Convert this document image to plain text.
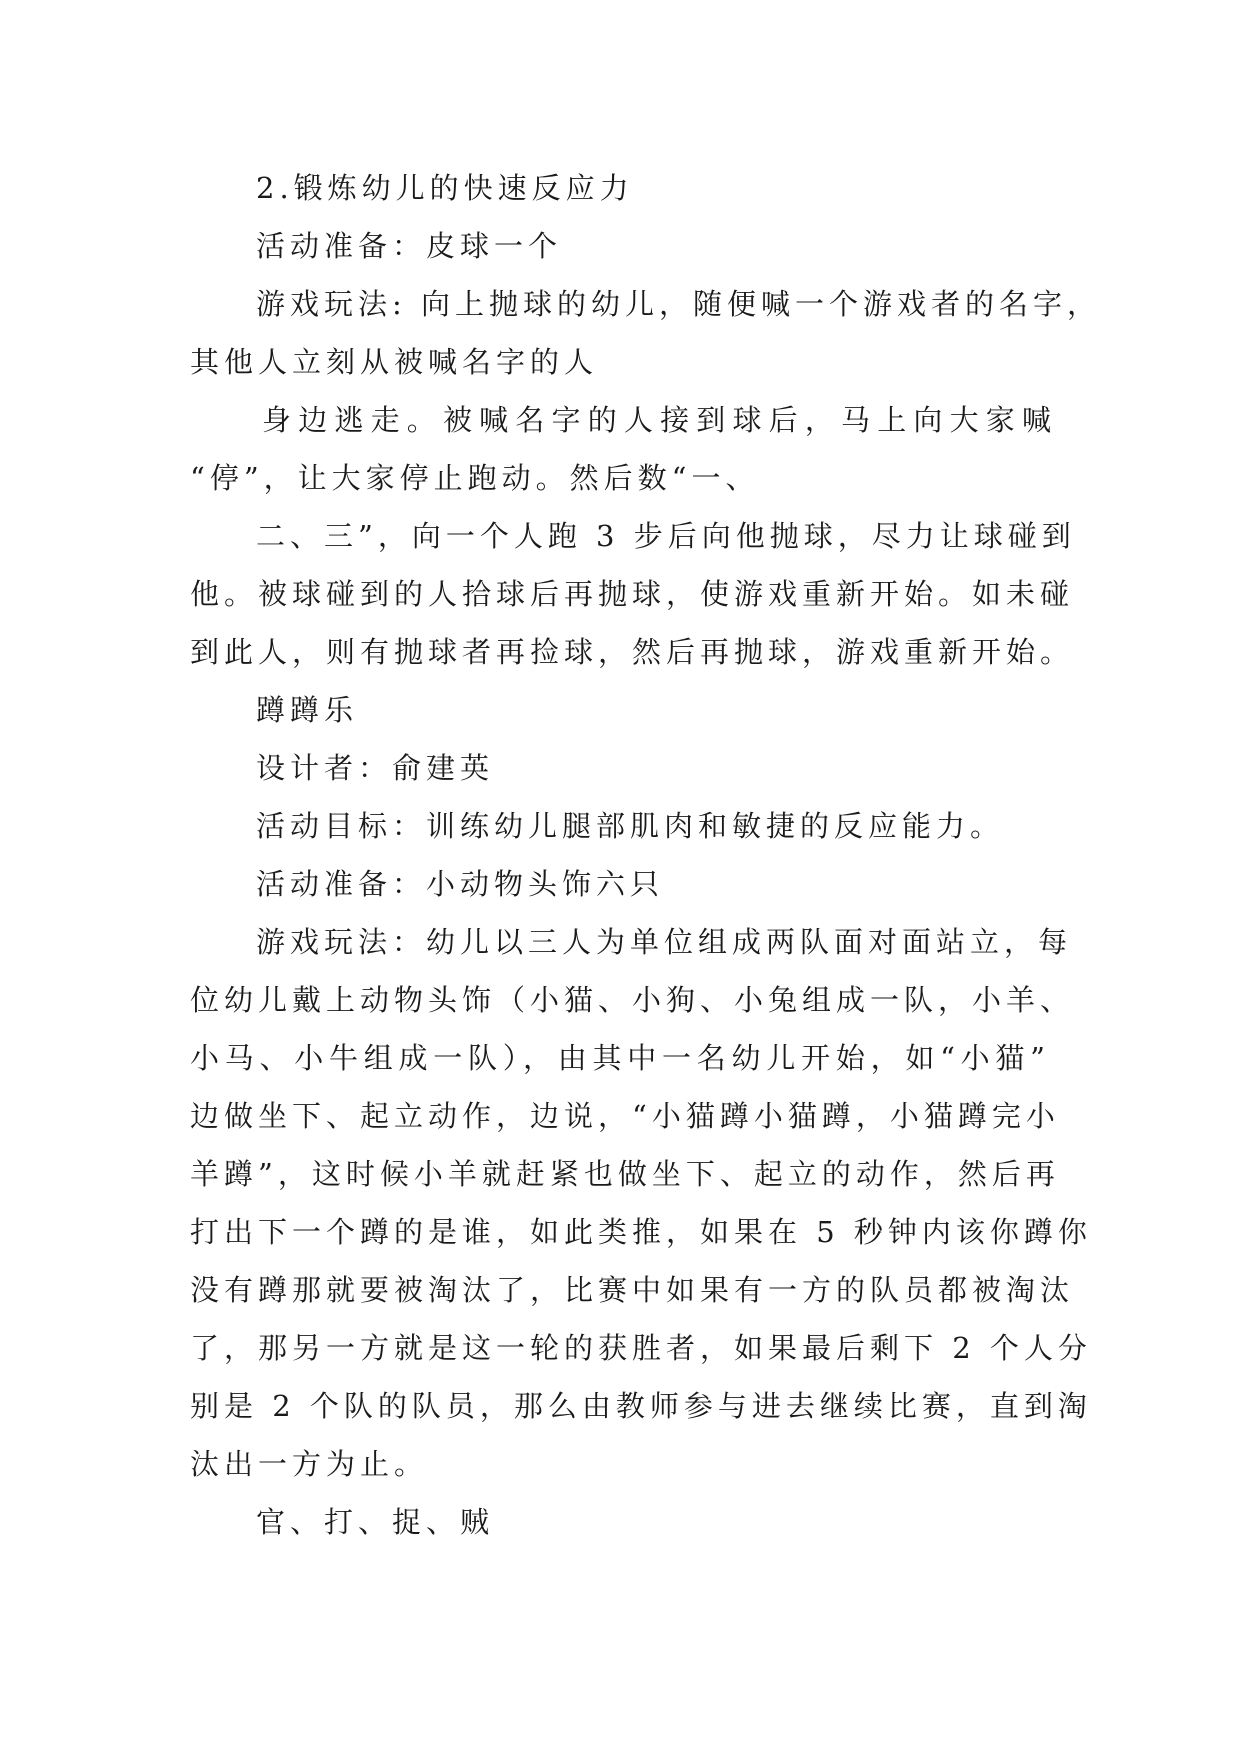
2.锻炼幼儿的快速反应力
活动准备：皮球一个
游戏玩法: 向上抛球的幼儿，随便喊一个游戏者的名字，
其他人立刻从被喊名字的人
身边逃走。被喊名字的人接到球后，马上向大家喊
“停”，让大家停止跑动。然后数“一、
二、三”，向一个人跑 3 步后向他抛球，尽力让球碰到
他。被球碰到的人拾球后再抛球，使游戏重新开始。如未碰
到此人，则有抛球者再捡球，然后再抛球，游戏重新开始。
蹲蹲乐
设计者：俞建英
活动目标：训练幼儿腿部肌肉和敏捷的反应能力。
活动准备：小动物头饰六只
游戏玩法：幼儿以三人为单位组成两队面对面站立，每
位幼儿戴上动物头饰（小猫、小狗、小兔组成一队，小羊、
小马、小牛组成一队），由其中一名幼儿开始，如“小猫”
边做坐下、起立动作，边说，“小猫蹲小猫蹲，小猫蹲完小
羊蹲”，这时候小羊就赶紧也做坐下、起立的动作，然后再
打出下一个蹲的是谁，如此类推，如果在 5 秒钟内该你蹲你
没有蹲那就要被淘汰了，比赛中如果有一方的队员都被淘汰
了，那另一方就是这一轮的获胜者，如果最后剩下 2 个人分
别是 2 个队的队员，那么由教师参与进去继续比赛，直到淘
汰出一方为止。
官、打、捉、贼
